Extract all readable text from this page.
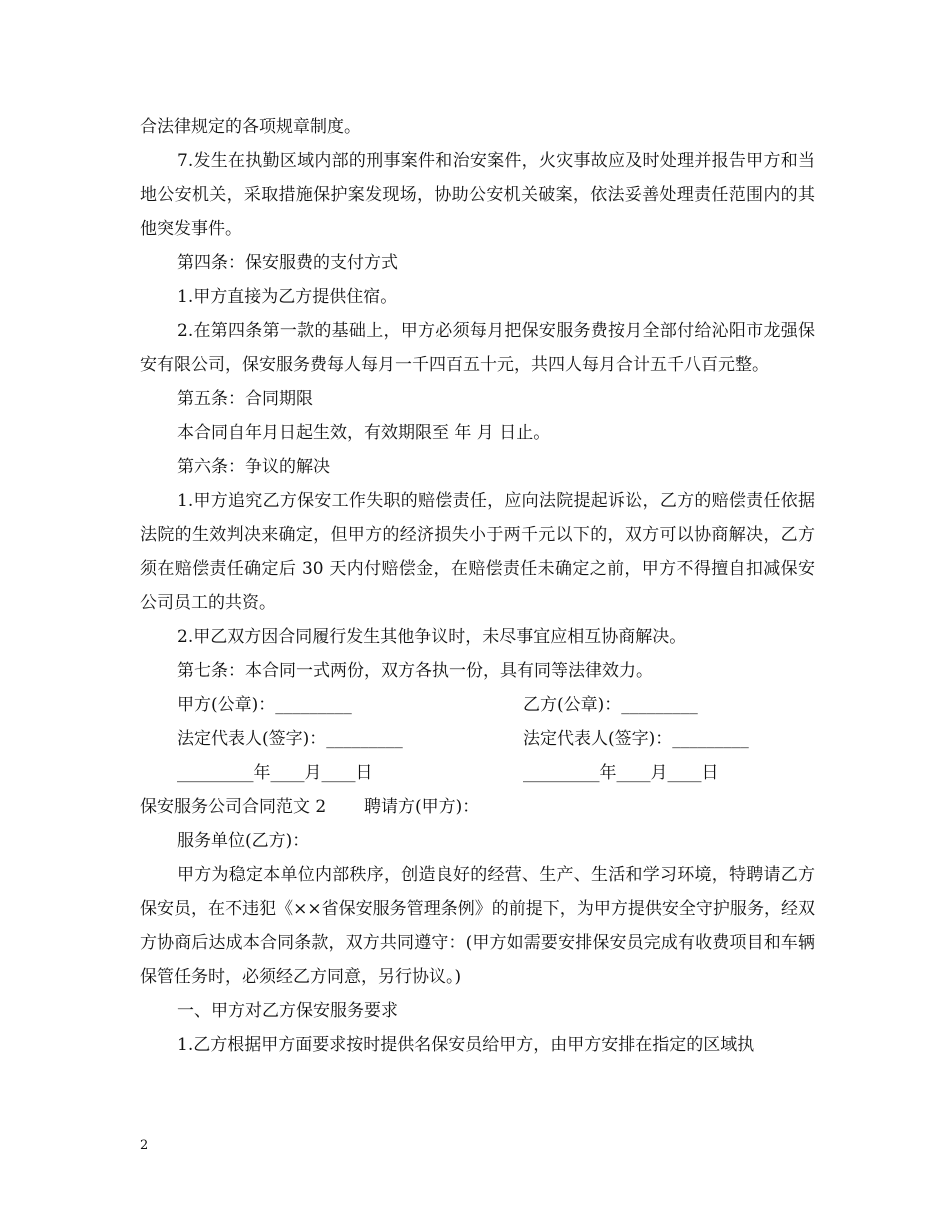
合法律规定的各项规章制度。

7.发生在执勤区域内部的刑事案件和治安案件，火灾事故应及时处理并报告甲方和当地公安机关，采取措施保护案发现场，协助公安机关破案，依法妥善处理责任范围内的其他突发事件。

第四条：保安服费的支付方式

1.甲方直接为乙方提供住宿。

2.在第四条第一款的基础上，甲方必须每月把保安服务费按月全部付给沁阳市龙强保安有限公司，保安服务费每人每月一千四百五十元，共四人每月合计五千八百元整。

第五条：合同期限

本合同自年月日起生效，有效期限至 年 月 日止。

第六条：争议的解决

1.甲方追究乙方保安工作失职的赔偿责任，应向法院提起诉讼，乙方的赔偿责任依据法院的生效判决来确定，但甲方的经济损失小于两千元以下的，双方可以协商解决，乙方须在赔偿责任确定后 30 天内付赔偿金，在赔偿责任未确定之前，甲方不得擅自扣减保安公司员工的共资。

2.甲乙双方因合同履行发生其他争议时，未尽事宜应相互协商解决。

第七条：本合同一式两份，双方各执一份，具有同等法律效力。

甲方(公章)：_________	乙方(公章)：_________
法定代表人(签字)：_________	法定代表人(签字)：_________
_________年____月____日	_________年____月____日

保安服务公司合同范文 2       聘请方(甲方)：

服务单位(乙方)：

甲方为稳定本单位内部秩序，创造良好的经营、生产、生活和学习环境，特聘请乙方保安员，在不违犯《××省保安服务管理条例》的前提下，为甲方提供安全守护服务，经双方协商后达成本合同条款，双方共同遵守：(甲方如需要安排保安员完成有收费项目和车辆保管任务时，必须经乙方同意，另行协议。)

一、甲方对乙方保安服务要求

1.乙方根据甲方面要求按时提供名保安员给甲方，由甲方安排在指定的区域执

2
